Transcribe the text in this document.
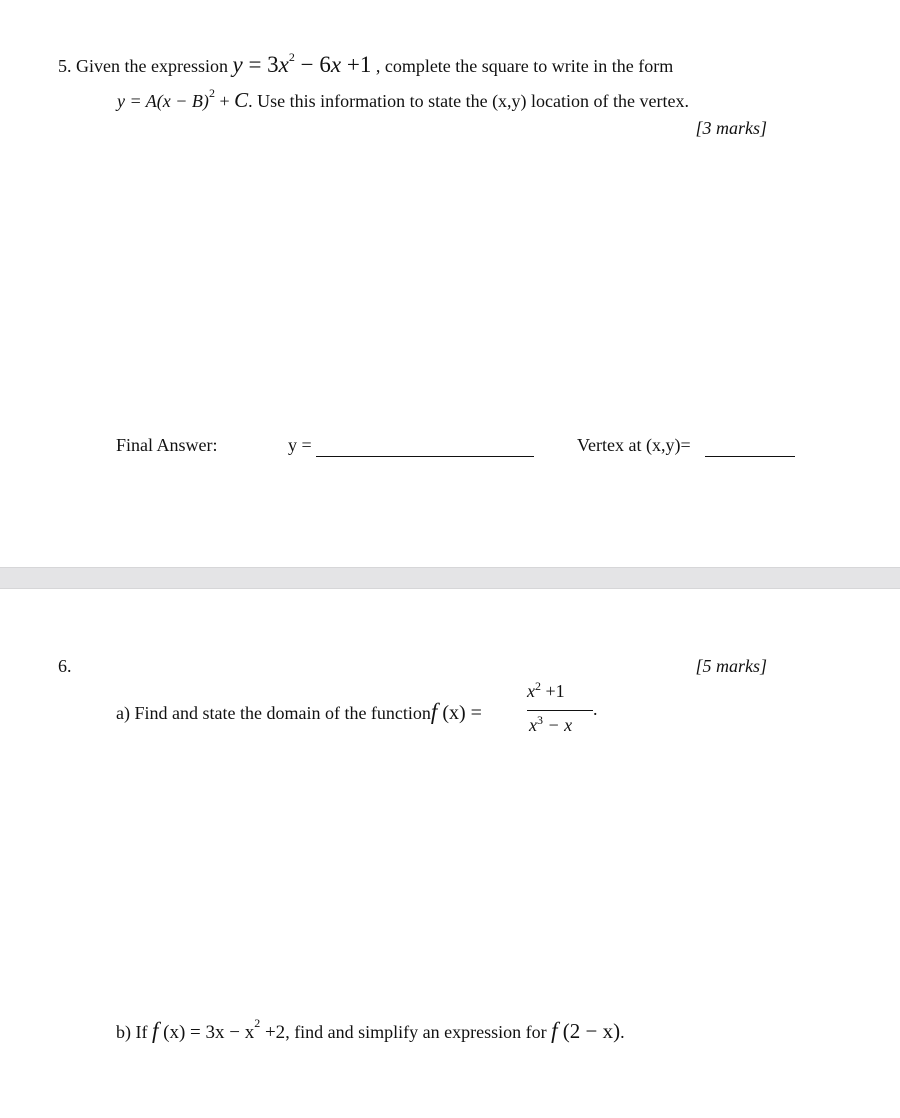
5. Given the expression $y = 3x^2 - 6x +1$ , complete the square to write in the form
$y = A(x - B)^2 + C$. Use this information to state the (x,y) location of the vertex.
[3 marks]
Final Answer:	y =	Vertex at (x,y)=
6.	[5 marks]
a) Find and state the domain of the functionf (x) =
$x^2 +1$
$x^3 - x$
.
b) If f $(x) = 3x - x^2 +2$, find and simplify an expression for f (2 − x).
